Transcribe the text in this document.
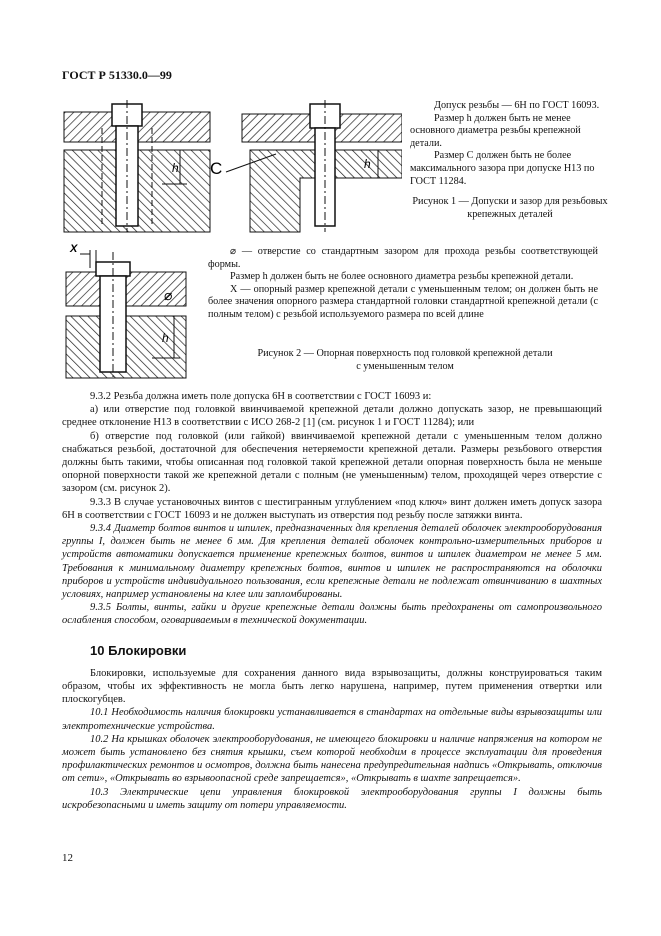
ГОСТ Р 51330.0—99
h	h
C

Допуск резьбы — 6H по ГОСТ 16093.

Размер h должен быть не менее основного диаметра резьбы крепежной детали.

Размер C должен быть не более максимального зазора при допуске H13 по ГОСТ 11284.

Рисунок 1 — Допуски и зазор для резьбовых крепежных деталей

X
⌀
h

⌀ — отверстие со стандартным зазором для прохода резьбы соответствующей формы.

Размер h должен быть не более основного диаметра резьбы крепежной детали.

X — опорный размер крепежной детали с уменьшенным телом; он должен быть не более значения опорного размера стандартной головки стандартной крепежной детали (с полным телом) с резьбой используемого размера по всей длине

Рисунок 2 — Опорная поверхность под головкой крепежной детали

с уменьшенным телом

9.3.2 Резьба должна иметь поле допуска 6H в соответствии с ГОСТ 16093 и:

а) или отверстие под головкой ввинчиваемой крепежной детали должно допускать зазор, не превышающий среднее отклонение H13 в соответствии с ИСО 268-2 [1] (см. рисунок 1 и ГОСТ 11284); или

б) отверстие под головкой (или гайкой) ввинчиваемой крепежной детали с уменьшенным телом должно снабжаться резьбой, достаточной для обеспечения нетеряемости крепежной детали. Размеры резьбового отверстия должны быть такими, чтобы описанная под головкой такой крепежной детали опорная поверхность была не меньше опорной поверхности такой же крепежной детали с полным (не уменьшенным) телом, проходящей через отверстие с зазором (см. рисунок 2).

9.3.3 В случае установочных винтов с шестигранным углублением «под ключ» винт должен иметь допуск зазора 6H в соответствии с ГОСТ 16093 и не должен выступать из отверстия под резьбу после затяжки винта.

9.3.4 Диаметр болтов винтов и шпилек, предназначенных для крепления деталей оболочек электрооборудования группы I, должен быть не менее 6 мм. Для крепления деталей оболочек контрольно-измерительных приборов и устройств автоматики допускается применение крепежных болтов, винтов и шпилек диаметром не менее 5 мм. Требования к минимальному диаметру крепежных болтов, винтов и шпилек не распространяются на оболочки приборов и устройств индивидуального пользования, если крепежные детали не подлежат отвинчиванию в шахтных условиях, например установлены на клее или запломбированы.

9.3.5 Болты, винты, гайки и другие крепежные детали должны быть предохранены от самопроизвольного ослабления способом, оговариваемым в технической документации.

10 Блокировки

Блокировки, используемые для сохранения данного вида взрывозащиты, должны конструироваться таким образом, чтобы их эффективность не могла быть легко нарушена, например, путем применения отвертки или плоскогубцев.

10.1 Необходимость наличия блокировки устанавливается в стандартах на отдельные виды взрывозащиты или электротехнические устройства.

10.2 На крышках оболочек электрооборудования, не имеющего блокировки и наличие напряжения на котором не может быть установлено без снятия крышки, съем которой необходим в процессе эксплуатации для проведения профилактических ремонтов и осмотров, должна быть нанесена предупредительная надпись «Открывать, отключив от сети», «Открывать во взрывоопасной среде запрещается», «Открывать в шахте запрещается».

10.3 Электрические цепи управления блокировкой электрооборудования группы I должны быть искробезопасными и иметь защиту от потери управляемости.

12
